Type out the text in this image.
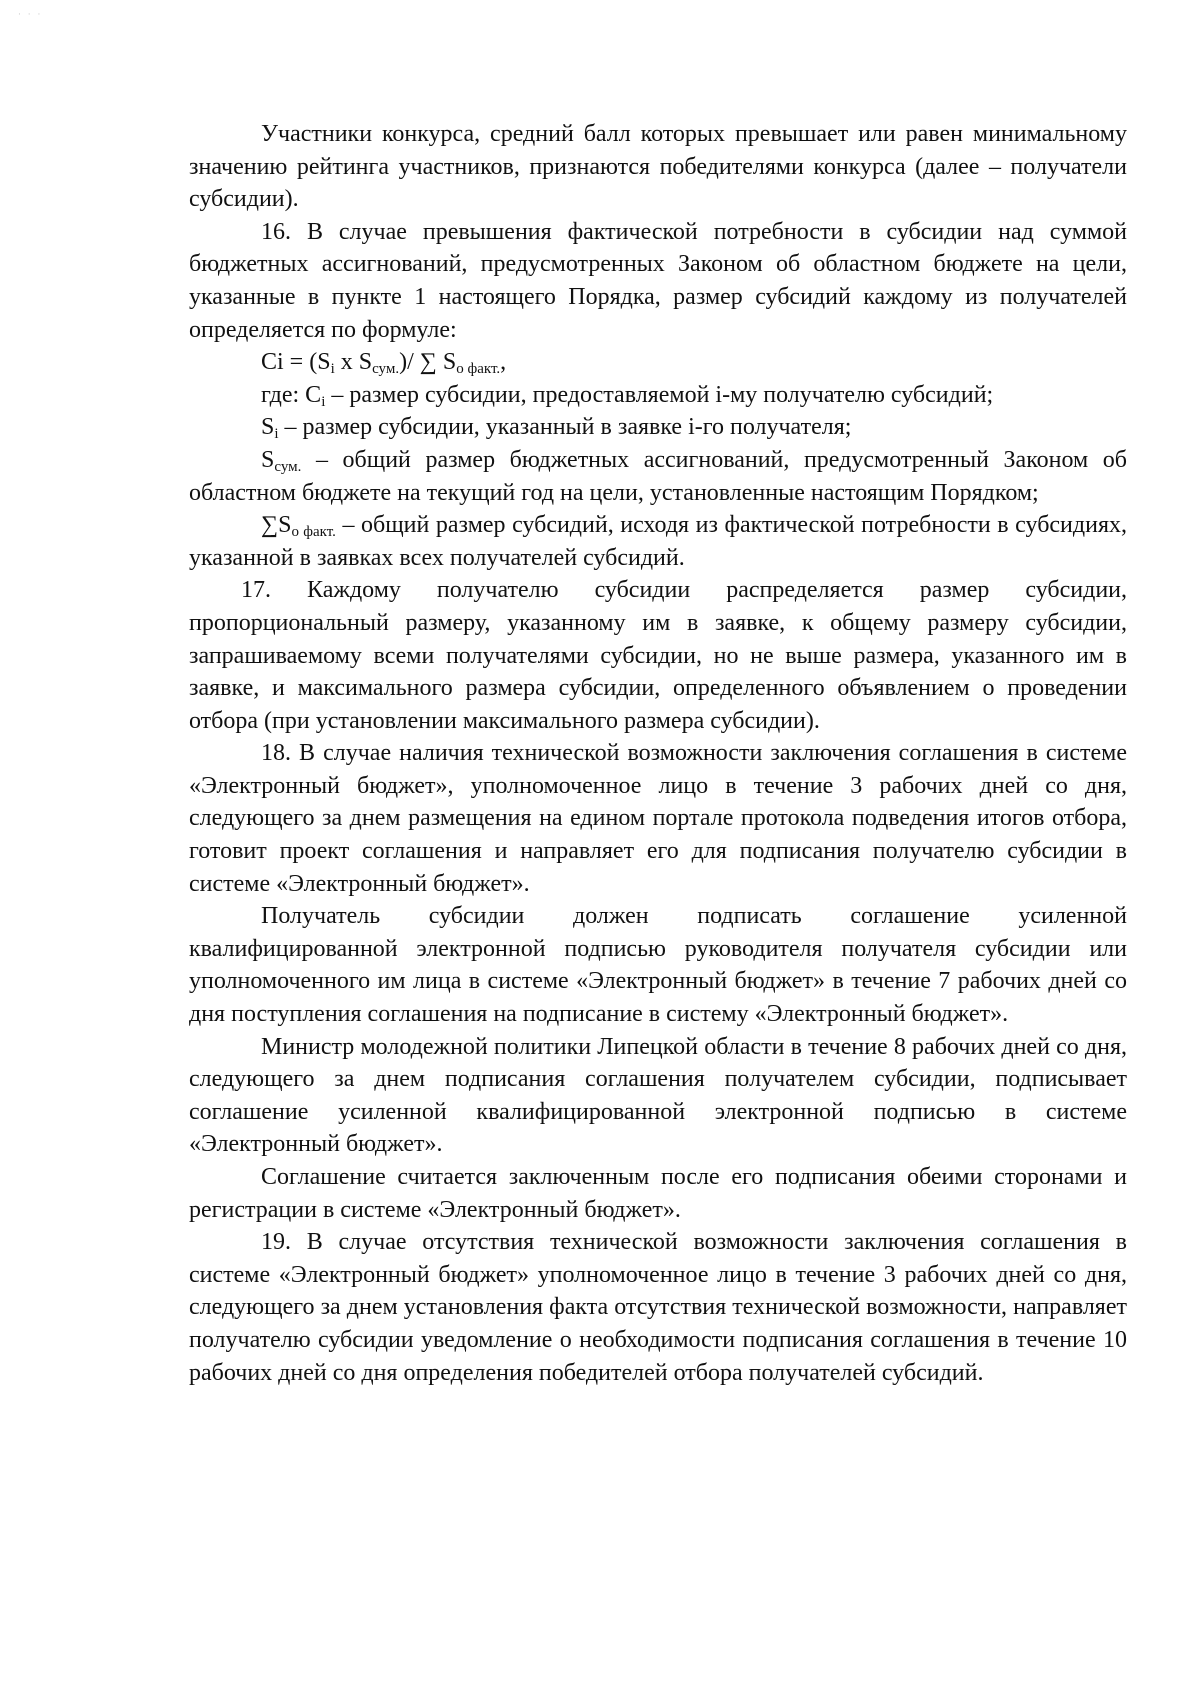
· · ·

Участники конкурса, средний балл которых превышает или равен минимальному значению рейтинга участников, признаются победителями конкурса (далее – получатели субсидии).

16. В случае превышения фактической потребности в субсидии над суммой бюджетных ассигнований, предусмотренных Законом об областном бюджете на цели, указанные в пункте 1 настоящего Порядка, размер субсидий каждому из получателей определяется по формуле:

$Ci = (S_i$ x $S_{сум.})/$ ∑ $S_{о факт.}$,

где: $C_i$ – размер субсидии, предоставляемой i-му получателю субсидий;

$S_i$ – размер субсидии, указанный в заявке i-го получателя;

$S_{сум.}$ – общий размер бюджетных ассигнований, предусмотренный Законом об областном бюджете на текущий год на цели, установленные настоящим Порядком;

$\sum S_{о факт.}$ – общий размер субсидий, исходя из фактической потребности в субсидиях, указанной в заявках всех получателей субсидий.

17. Каждому получателю субсидии распределяется размер субсидии, пропорциональный размеру, указанному им в заявке, к общему размеру субсидии, запрашиваемому всеми получателями субсидии, но не выше размера, указанного им в заявке, и максимального размера субсидии, определенного объявлением о проведении отбора (при установлении максимального размера субсидии).

18. В случае наличия технической возможности заключения соглашения в системе «Электронный бюджет», уполномоченное лицо в течение 3 рабочих дней со дня, следующего за днем размещения на едином портале протокола подведения итогов отбора, готовит проект соглашения и направляет его для подписания получателю субсидии в системе «Электронный бюджет».

Получатель субсидии должен подписать соглашение усиленной квалифицированной электронной подписью руководителя получателя субсидии или уполномоченного им лица в системе «Электронный бюджет» в течение 7 рабочих дней со дня поступления соглашения на подписание в систему «Электронный бюджет».

Министр молодежной политики Липецкой области в течение 8 рабочих дней со дня, следующего за днем подписания соглашения получателем субсидии, подписывает соглашение усиленной квалифицированной электронной подписью в системе «Электронный бюджет».

Соглашение считается заключенным после его подписания обеими сторонами и регистрации в системе «Электронный бюджет».

19. В случае отсутствия технической возможности заключения соглашения в системе «Электронный бюджет» уполномоченное лицо в течение 3 рабочих дней со дня, следующего за днем установления факта отсутствия технической возможности, направляет получателю субсидии уведомление о необходимости подписания соглашения в течение 10 рабочих дней со дня определения победителей отбора получателей субсидий.
